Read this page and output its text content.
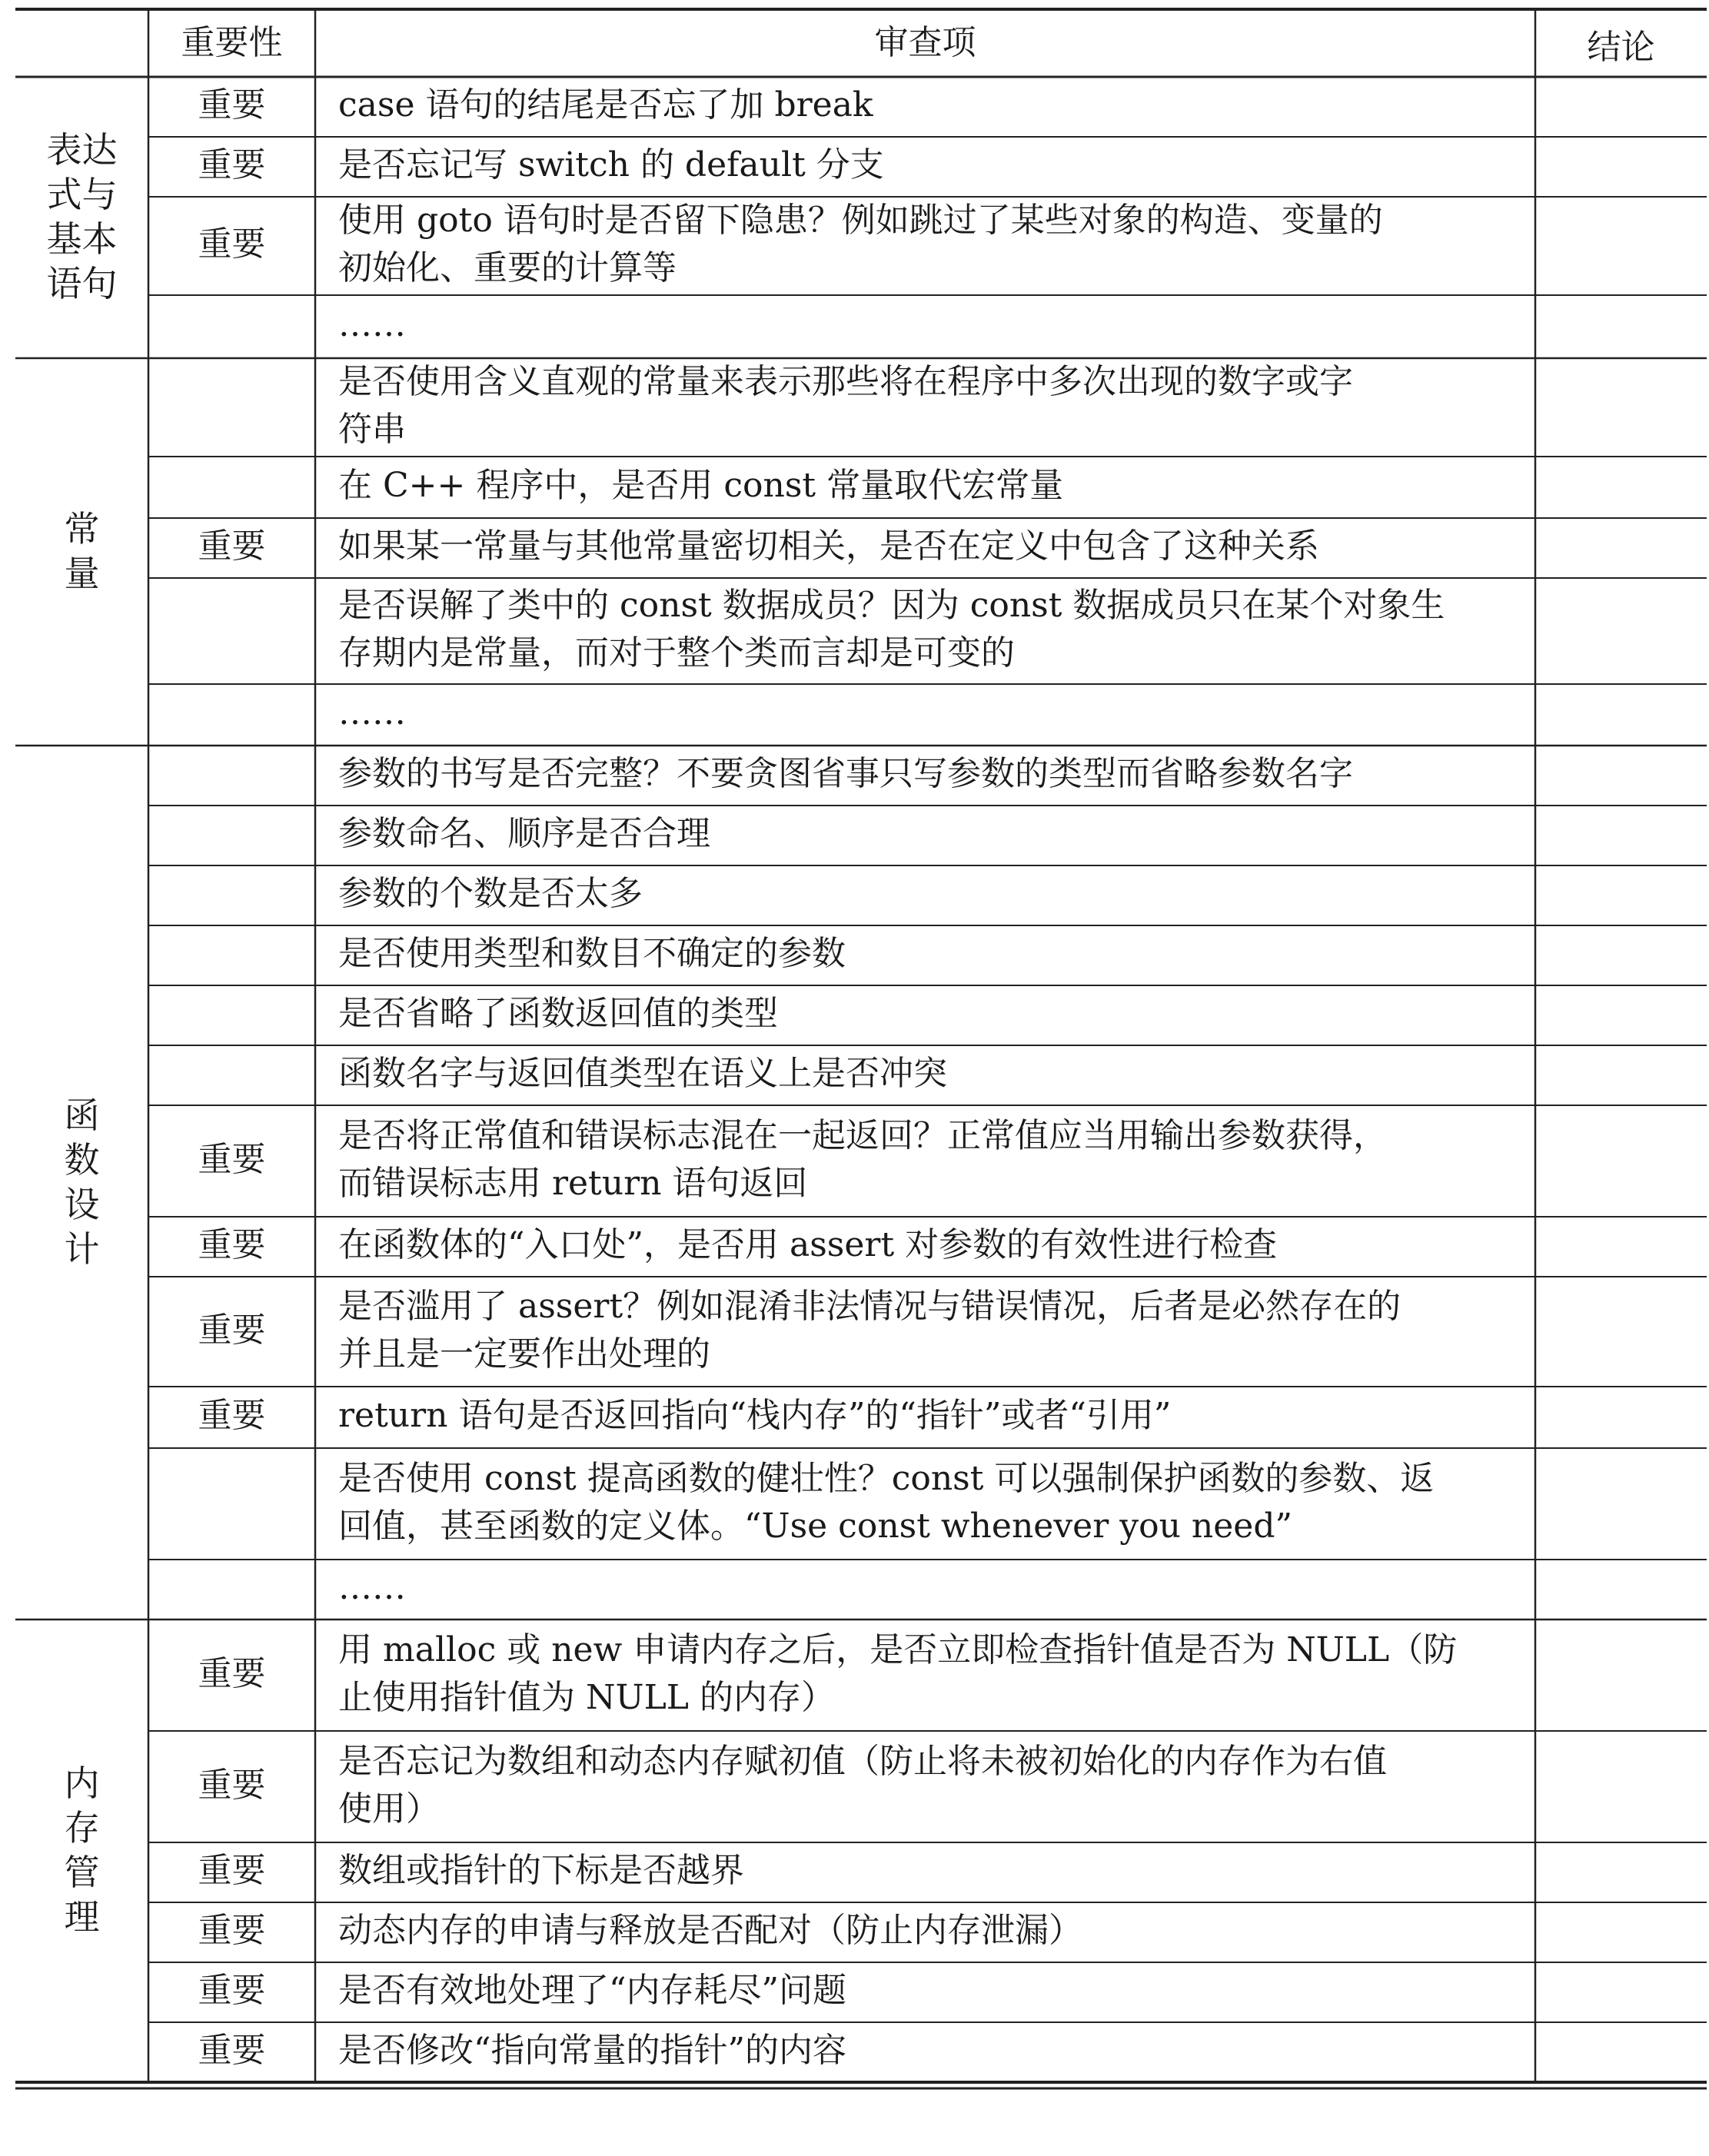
重要性	审查项	结论
表达
式与
基本
语句
常
量
函
数
设
计
内
存
管
理
case 语句的结尾是否忘了加 break
重要
是否忘记写 switch 的 default 分支
重要
使用 goto 语句时是否留下隐患？例如跳过了某些对象的构造、变量的
初始化、重要的计算等
重要
……
是否使用含义直观的常量来表示那些将在程序中多次出现的数字或字
符串
在 C++ 程序中，是否用 const 常量取代宏常量
如果某一常量与其他常量密切相关，是否在定义中包含了这种关系
重要
是否误解了类中的 const 数据成员？因为 const 数据成员只在某个对象生
存期内是常量，而对于整个类而言却是可变的
……
参数的书写是否完整？不要贪图省事只写参数的类型而省略参数名字
参数命名、顺序是否合理
参数的个数是否太多
是否使用类型和数目不确定的参数
是否省略了函数返回值的类型
函数名字与返回值类型在语义上是否冲突
是否将正常值和错误标志混在一起返回？正常值应当用输出参数获得，
而错误标志用 return 语句返回
重要
在函数体的“入口处”，是否用 assert 对参数的有效性进行检查
重要
是否滥用了 assert？例如混淆非法情况与错误情况，后者是必然存在的
并且是一定要作出处理的
重要
return 语句是否返回指向“栈内存”的“指针”或者“引用”
重要
是否使用 const 提高函数的健壮性？const 可以强制保护函数的参数、返
回值，甚至函数的定义体。“Use const whenever you need”
……
用 malloc 或 new 申请内存之后，是否立即检查指针值是否为 NULL（防
止使用指针值为 NULL 的内存）
重要
是否忘记为数组和动态内存赋初值（防止将未被初始化的内存作为右值
使用）
重要
数组或指针的下标是否越界
重要
动态内存的申请与释放是否配对（防止内存泄漏）
重要
是否有效地处理了“内存耗尽”问题
重要
是否修改“指向常量的指针”的内容
重要
